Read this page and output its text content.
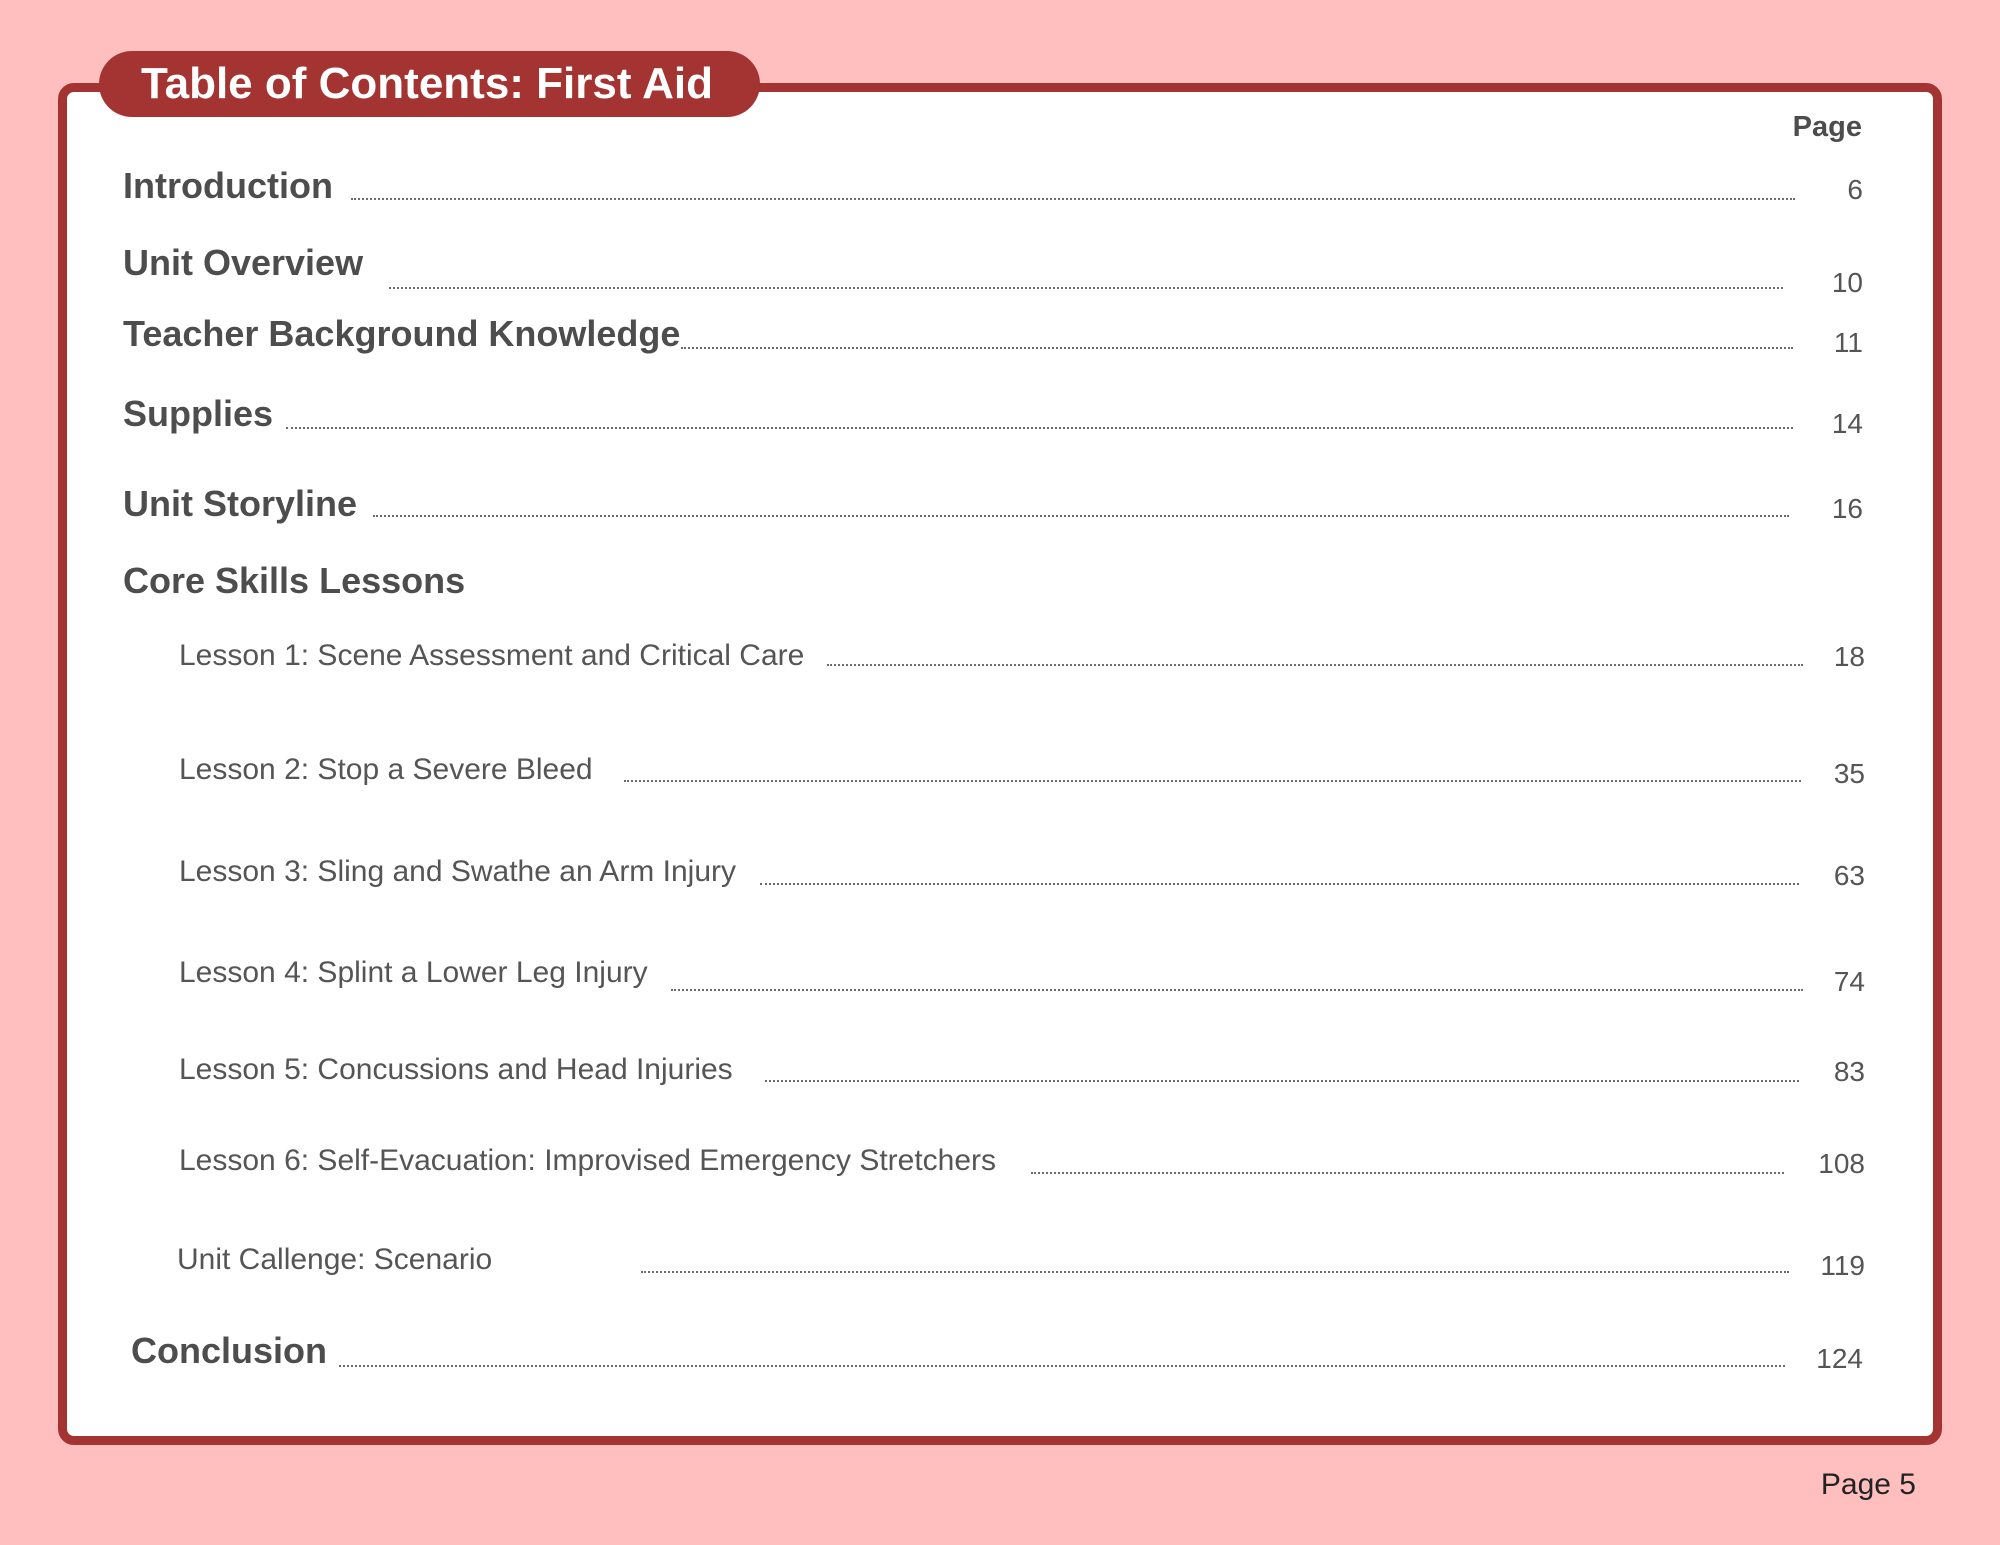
Table of Contents: First Aid
Page
Introduction	6
Unit Overview	10
Teacher Background Knowledge	11
Supplies	14
Unit Storyline	16
Core Skills Lessons
Lesson 1: Scene Assessment and Critical Care	18
Lesson 2: Stop a Severe Bleed	35
Lesson 3: Sling and Swathe an Arm Injury	63
Lesson 4: Splint a Lower Leg Injury	74
Lesson 5: Concussions and Head Injuries	83
Lesson 6: Self-Evacuation: Improvised Emergency Stretchers	108
Unit Callenge: Scenario	119
Conclusion	124
Page 5
